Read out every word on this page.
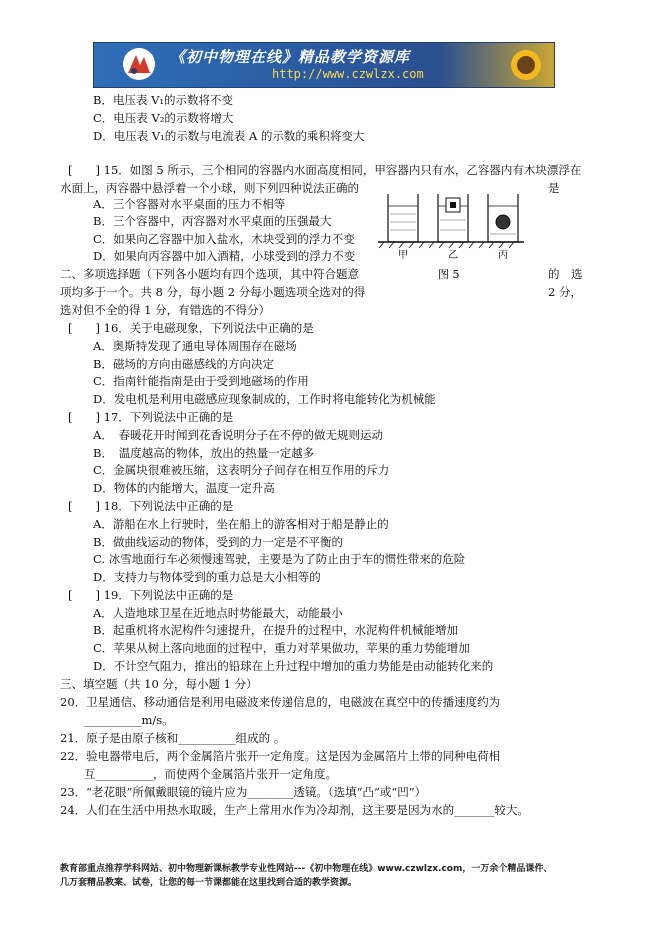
《初中物理在线》精品教学资源库
http://www.czwlzx.com
B．电压表 V₁的示数将不变
C．电压表 V₂的示数将增大
D．电压表 V₁的示数与电流表 A 的示数的乘积将变大
[　　] 15．如图 5 所示，三个相同的容器内水面高度相同，甲容器内只有水，乙容器内有木块漂浮在
水面上，丙容器中悬浮着一个小球，则下列四种说法正确的	是
A．三个容器对水平桌面的压力不相等
B．三个容器中，丙容器对水平桌面的压强最大
C．如果向乙容器中加入盐水，木块受到的浮力不变
D．如果向丙容器中加入酒精，小球受到的浮力不变
二、多项选择题（下列各小题均有四个选项，其中符合题意	的　选
项均多于一个。共 8 分，每小题 2 分每小题选项全选对的得	2 分，
选对但不全的得 1 分，有错选的不得分）
[　　] 16．关于电磁现象，下列说法中正确的是
A．奥斯特发现了通电导体周围存在磁场
B．磁场的方向由磁感线的方向决定
C．指南针能指南是由于受到地磁场的作用
D．发电机是利用电磁感应现象制成的，工作时将电能转化为机械能
[　　] 17．下列说法中正确的是
A．　春暖花开时闻到花香说明分子在不停的做无规则运动
B．　温度越高的物体，放出的热量一定越多
C．金属块很难被压缩，这表明分子间存在相互作用的斥力
D．物体的内能增大，温度一定升高
[　　] 18．下列说法中正确的是
A．游船在水上行驶时，坐在船上的游客相对于船是静止的
B．做曲线运动的物体，受到的力一定是不平衡的
C. 冰雪地面行车必须慢速驾驶，主要是为了防止由于车的惯性带来的危险
D．支持力与物体受到的重力总是大小相等的
[　　] 19．下列说法中正确的是
A．人造地球卫星在近地点时势能最大，动能最小
B．起重机将水泥构件匀速提升，在提升的过程中，水泥构件机械能增加
C．苹果从树上落向地面的过程中，重力对苹果做功，苹果的重力势能增加
D．不计空气阻力，推出的铅球在上升过程中增加的重力势能是由动能转化来的
三、填空题（共 10 分，每小题 1 分）
20．卫星通信、移动通信是利用电磁波来传递信息的，电磁波在真空中的传播速度约为
__________m/s。
21．原子是由原子核和__________组成的 。
22．验电器带电后，两个金属箔片张开一定角度。这是因为金属箔片上带的同种电荷相
互__________，而使两个金属箔片张开一定角度。
23．“老花眼”所佩戴眼镜的镜片应为________透镜。（选填“凸”或“凹”）
24．人们在生活中用热水取暖，生产上常用水作为冷却剂，这主要是因为水的_______较大。
甲	乙	丙
图 5
教育部重点推荐学科网站、初中物理新课标教学专业性网站---《初中物理在线》www.czwlzx.com，一万余个精品课件、
几万套精品教案、试卷，让您的每一节课都能在这里找到合适的教学资源。
